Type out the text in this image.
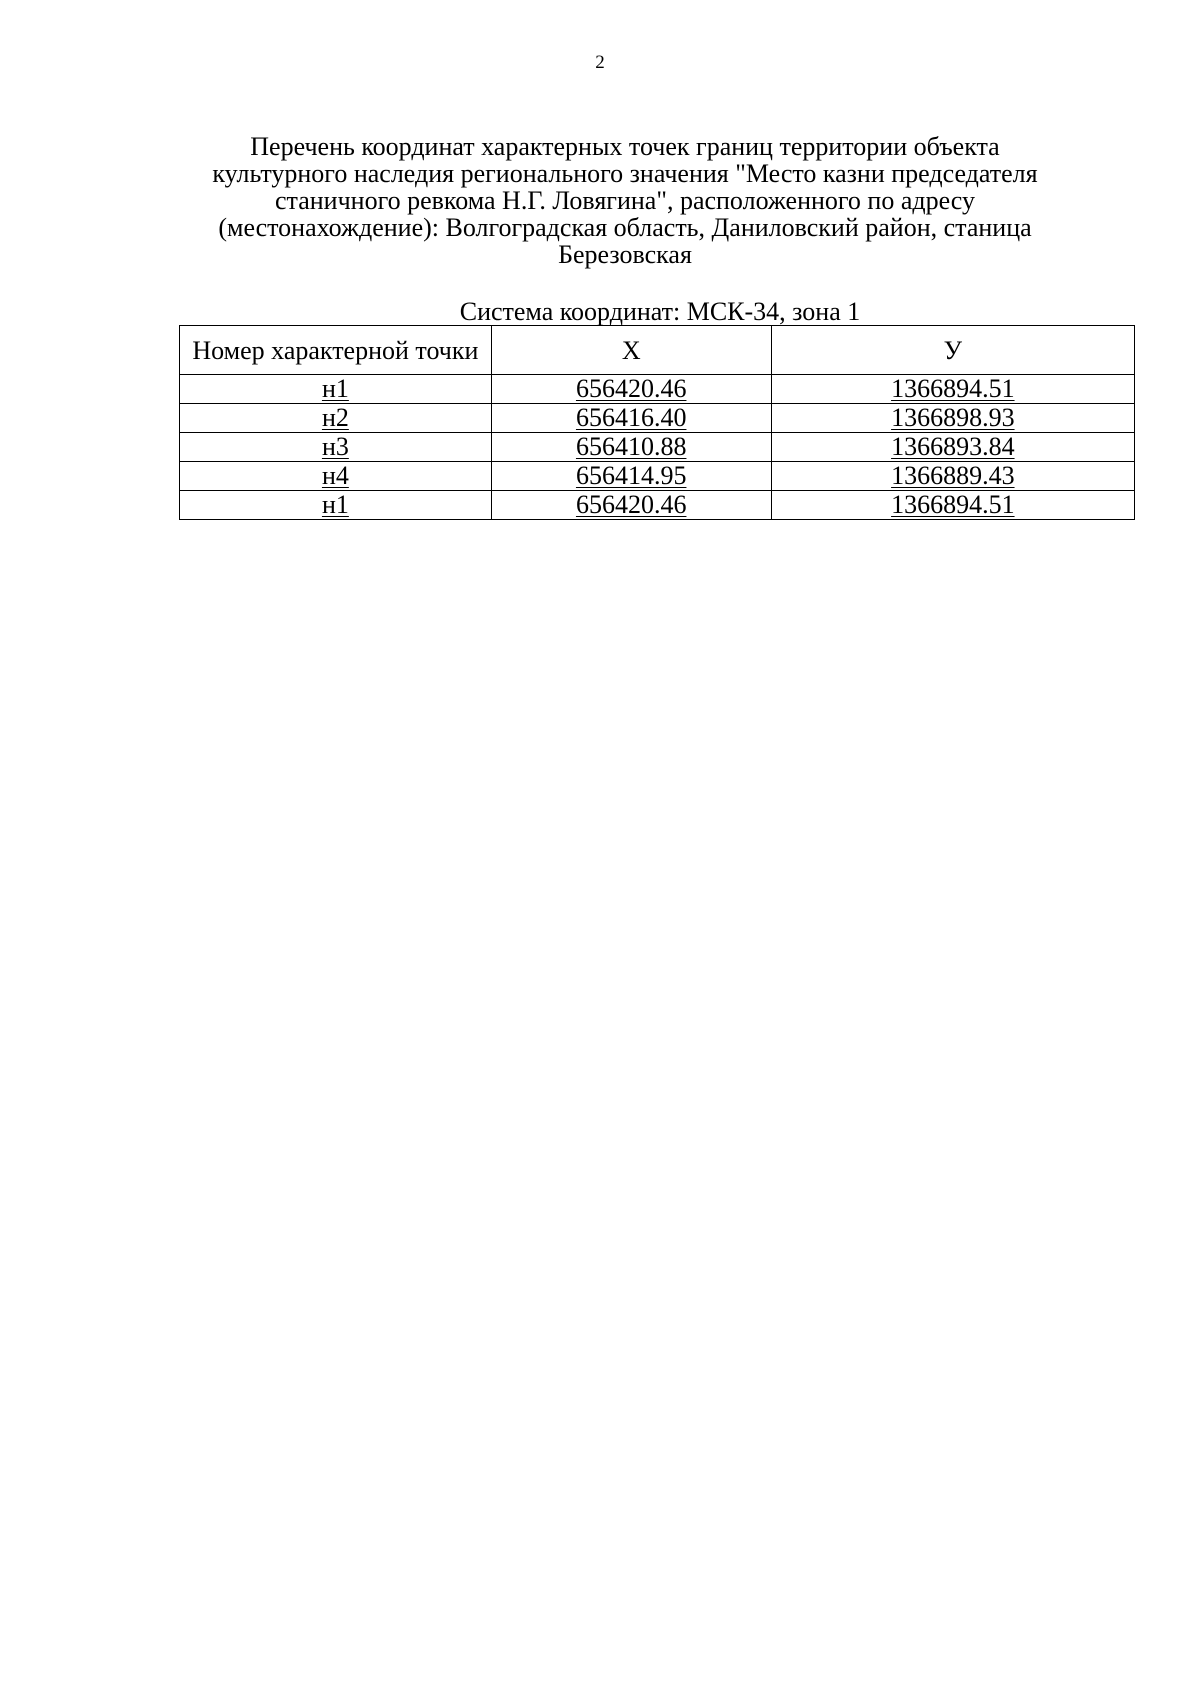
2
Перечень координат характерных точек границ территории объекта
культурного наследия регионального значения "Место казни председателя
станичного ревкома Н.Г. Ловягина", расположенного по адресу
(местонахождение): Волгоградская область, Даниловский район, станица
Березовская
Система координат: МСК-34, зона 1
Номер характерной точки	Х	У
н1	656420.46	1366894.51
н2	656416.40	1366898.93
н3	656410.88	1366893.84
н4	656414.95	1366889.43
н1	656420.46	1366894.51
